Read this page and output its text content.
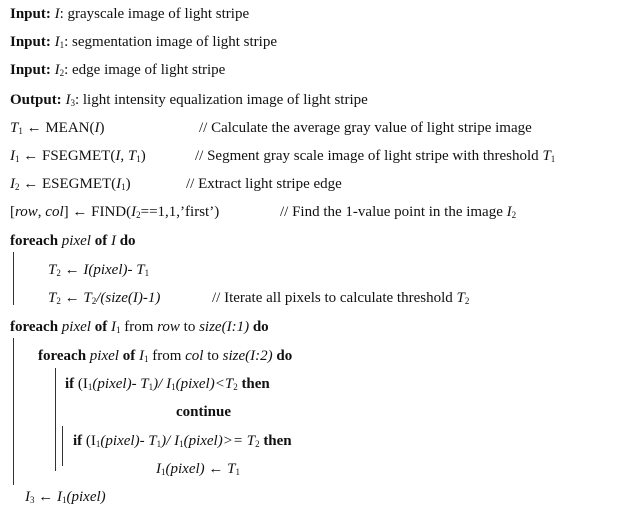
Input: I: grayscale image of light stripe
Input: $I_1$: segmentation image of light stripe
Input: $I_2$: edge image of light stripe
Output: $I_3$: light intensity equalization image of light stripe
$T_1$ ← MEAN(I)	// Calculate the average gray value of light stripe image
$I_1$ ← FSEGMET(I, $T_1$)	// Segment gray scale image of light stripe with threshold $T_1$
$I_2$ ← $ESEGMET(I_1)$	// Extract light stripe edge
[row, col] ← $FIND(I_2==1,1,’first’)$	// Find the 1-value point in the image $I_2$
foreach pixel of I do
$T_2$ ← I(pixel)- $T_1$
$T_2$ ← $T_2/(size(I)-1)$	// Iterate all pixels to calculate threshold $T_2$
foreach pixel of $I_1$ from row to size(I:1) do
foreach pixel of $I_1$ from col to size(I:2) do
if ($I_1(pixel)-$ $T_1)/$ $I_1(pixel)<T_2$ then
continue
if ($I_1(pixel)-$ $T_1)/$ $I_1(pixel)>= T_2$ then
$I_1(pixel)$ ← $T_1$
$I_3$ ← $I_1(pixel)$
